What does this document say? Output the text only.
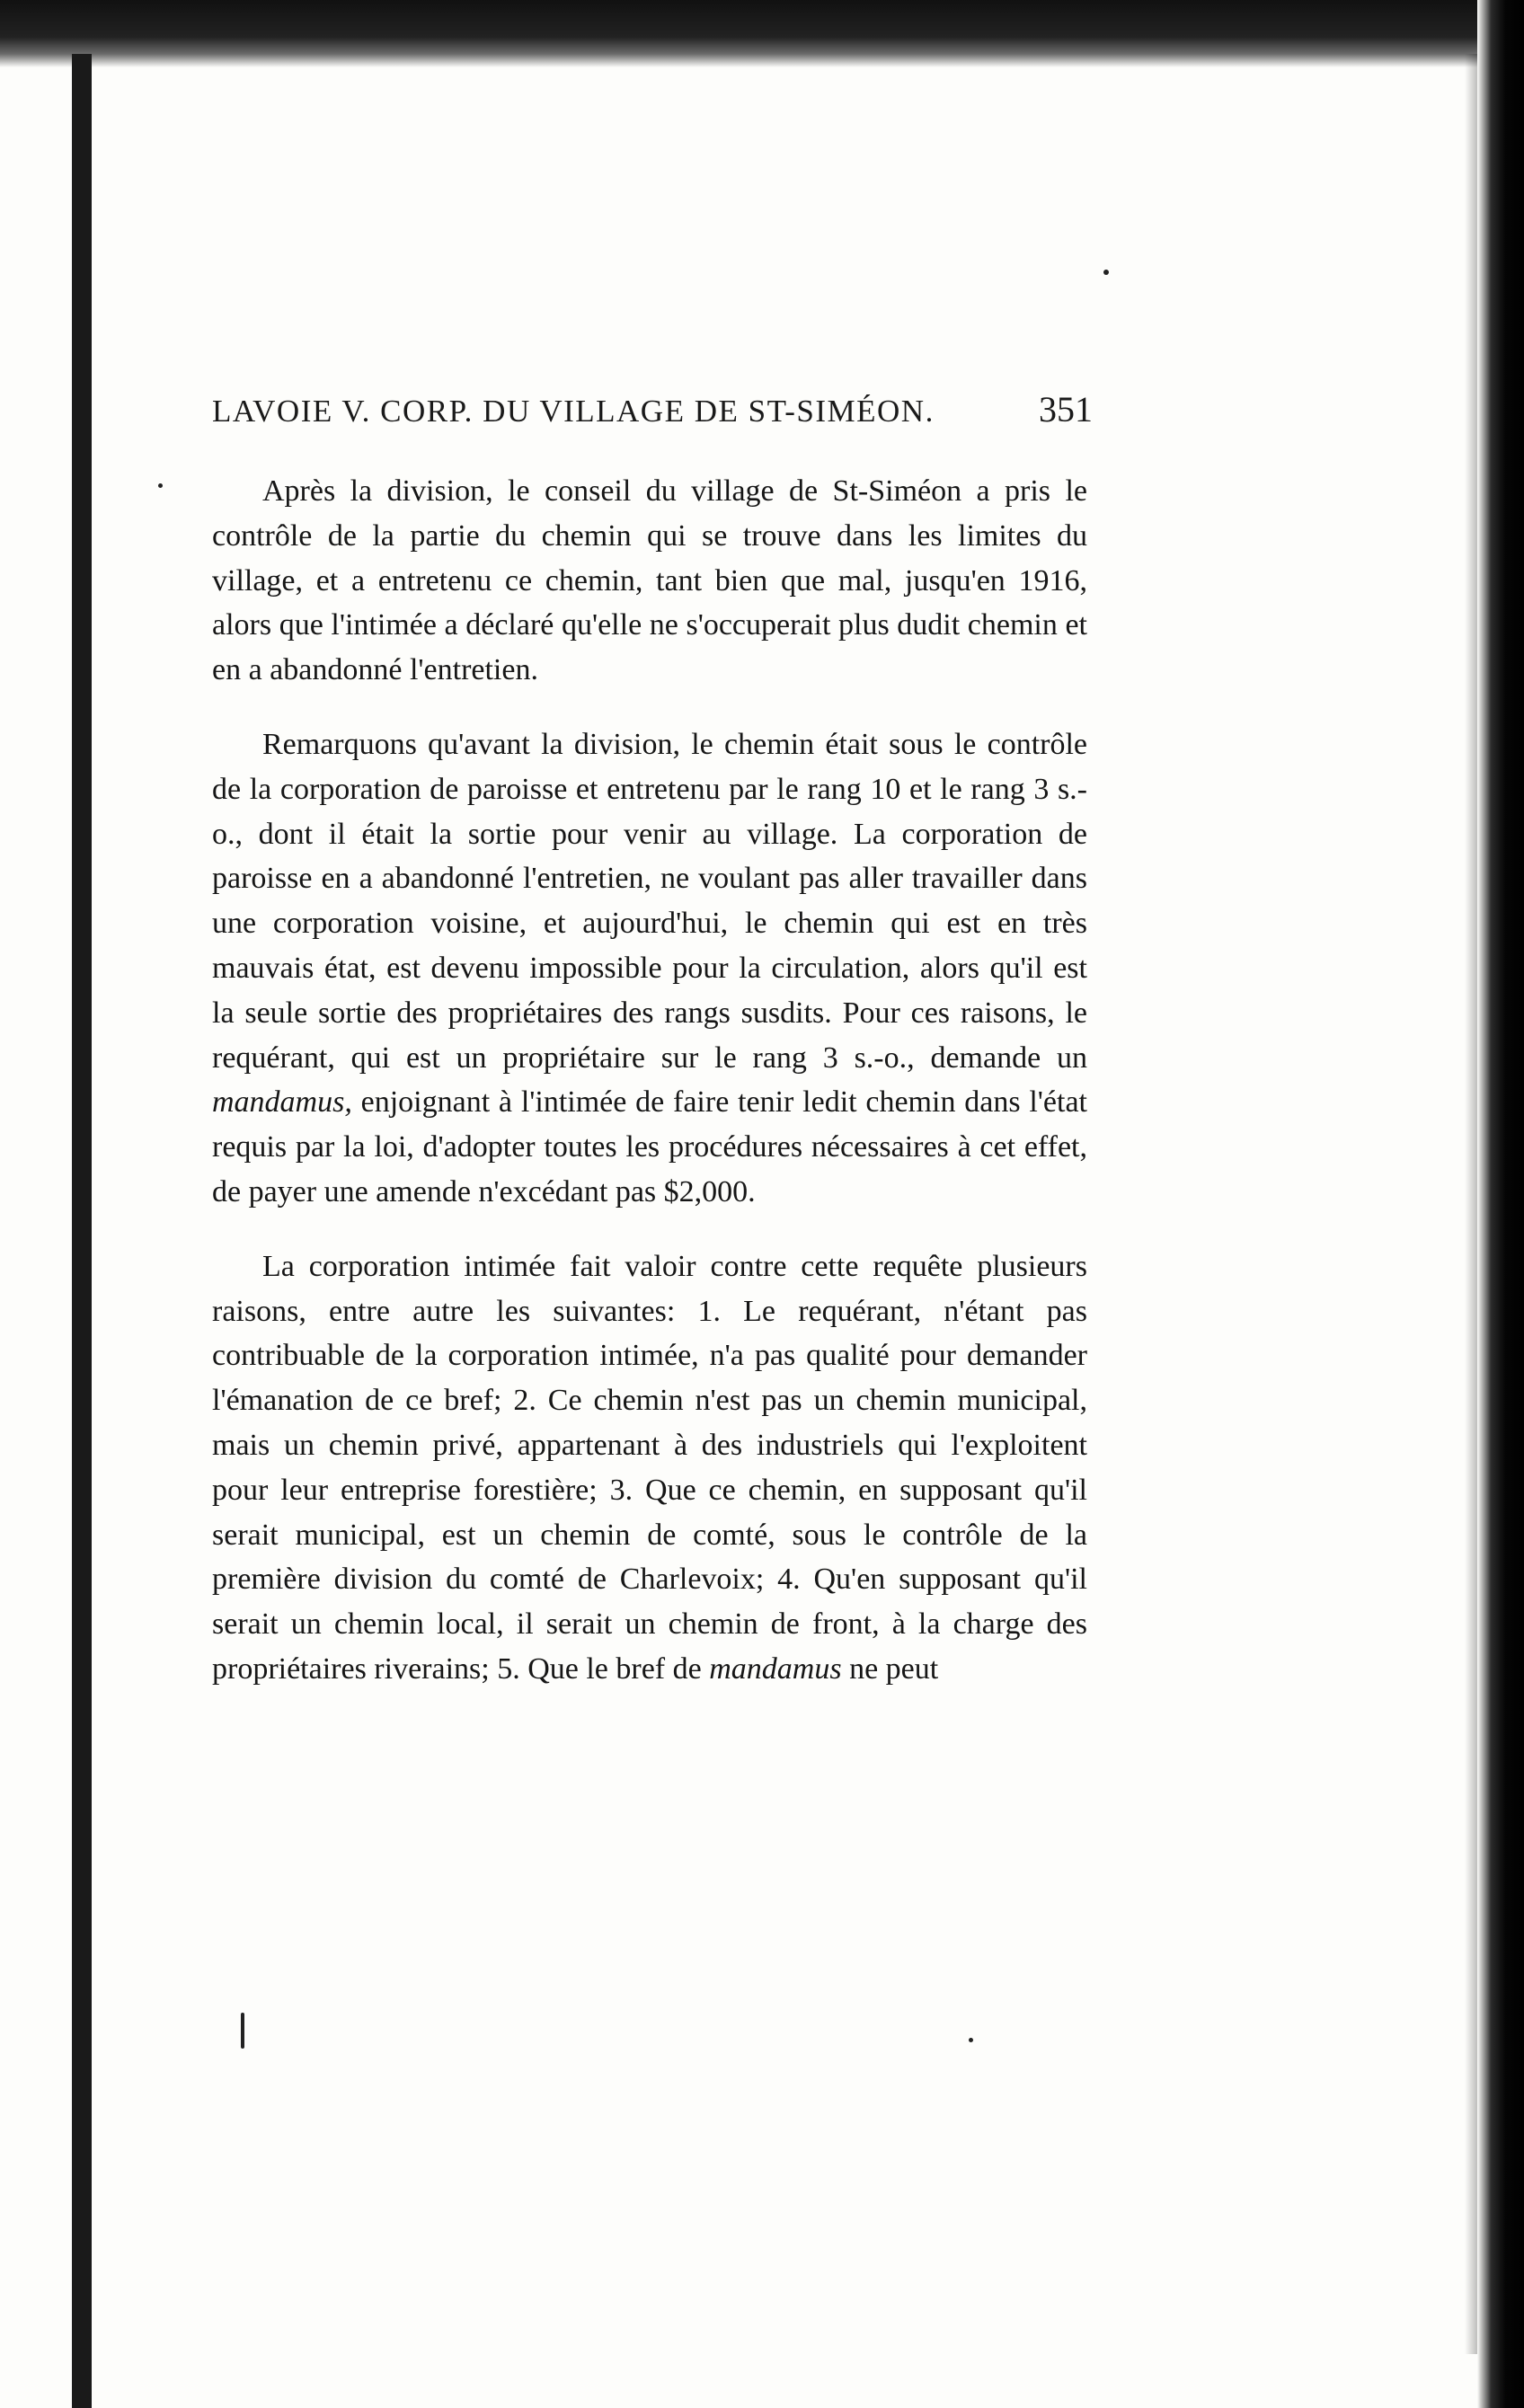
LAVOIE V. CORP. DU VILLAGE DE ST-SIMÉON.	351

Après la division, le conseil du village de St-Siméon a pris le contrôle de la partie du chemin qui se trouve dans les limites du village, et a entretenu ce chemin, tant bien que mal, jusqu'en 1916, alors que l'intimée a déclaré qu'elle ne s'occuperait plus dudit chemin et en a abandonné l'entretien.

Remarquons qu'avant la division, le chemin était sous le contrôle de la corporation de paroisse et entretenu par le rang 10 et le rang 3 s.-o., dont il était la sortie pour venir au village. La corporation de paroisse en a abandonné l'entretien, ne voulant pas aller travailler dans une corporation voisine, et aujourd'hui, le chemin qui est en très mauvais état, est devenu impossible pour la circulation, alors qu'il est la seule sortie des propriétaires des rangs susdits. Pour ces raisons, le requérant, qui est un propriétaire sur le rang 3 s.-o., demande un mandamus, enjoignant à l'intimée de faire tenir ledit chemin dans l'état requis par la loi, d'adopter toutes les procédures nécessaires à cet effet, de payer une amende n'excédant pas $2,000.

La corporation intimée fait valoir contre cette requête plusieurs raisons, entre autre les suivantes: 1. Le requérant, n'étant pas contribuable de la corporation intimée, n'a pas qualité pour demander l'émanation de ce bref; 2. Ce chemin n'est pas un chemin municipal, mais un chemin privé, appartenant à des industriels qui l'exploitent pour leur entreprise forestière; 3. Que ce chemin, en supposant qu'il serait municipal, est un chemin de comté, sous le contrôle de la première division du comté de Charlevoix; 4. Qu'en supposant qu'il serait un chemin local, il serait un chemin de front, à la charge des propriétaires riverains; 5. Que le bref de mandamus ne peut
